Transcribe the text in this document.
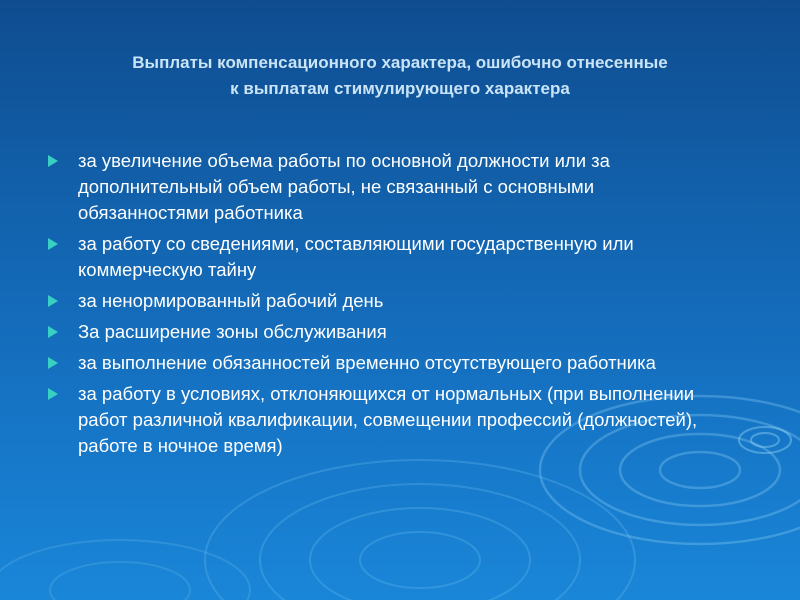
Выплаты компенсационного характера, ошибочно отнесенные
к выплатам стимулирующего характера
за увеличение объема работы по основной должности или за дополнительный объем работы, не связанный с основными обязанностями работника
за работу со сведениями, составляющими государственную или коммерческую тайну
за ненормированный рабочий день
За расширение зоны обслуживания
за выполнение обязанностей временно отсутствующего работника
за работу в условиях, отклоняющихся от нормальных (при выполнении работ различной квалификации, совмещении профессий (должностей), работе в ночное время)
